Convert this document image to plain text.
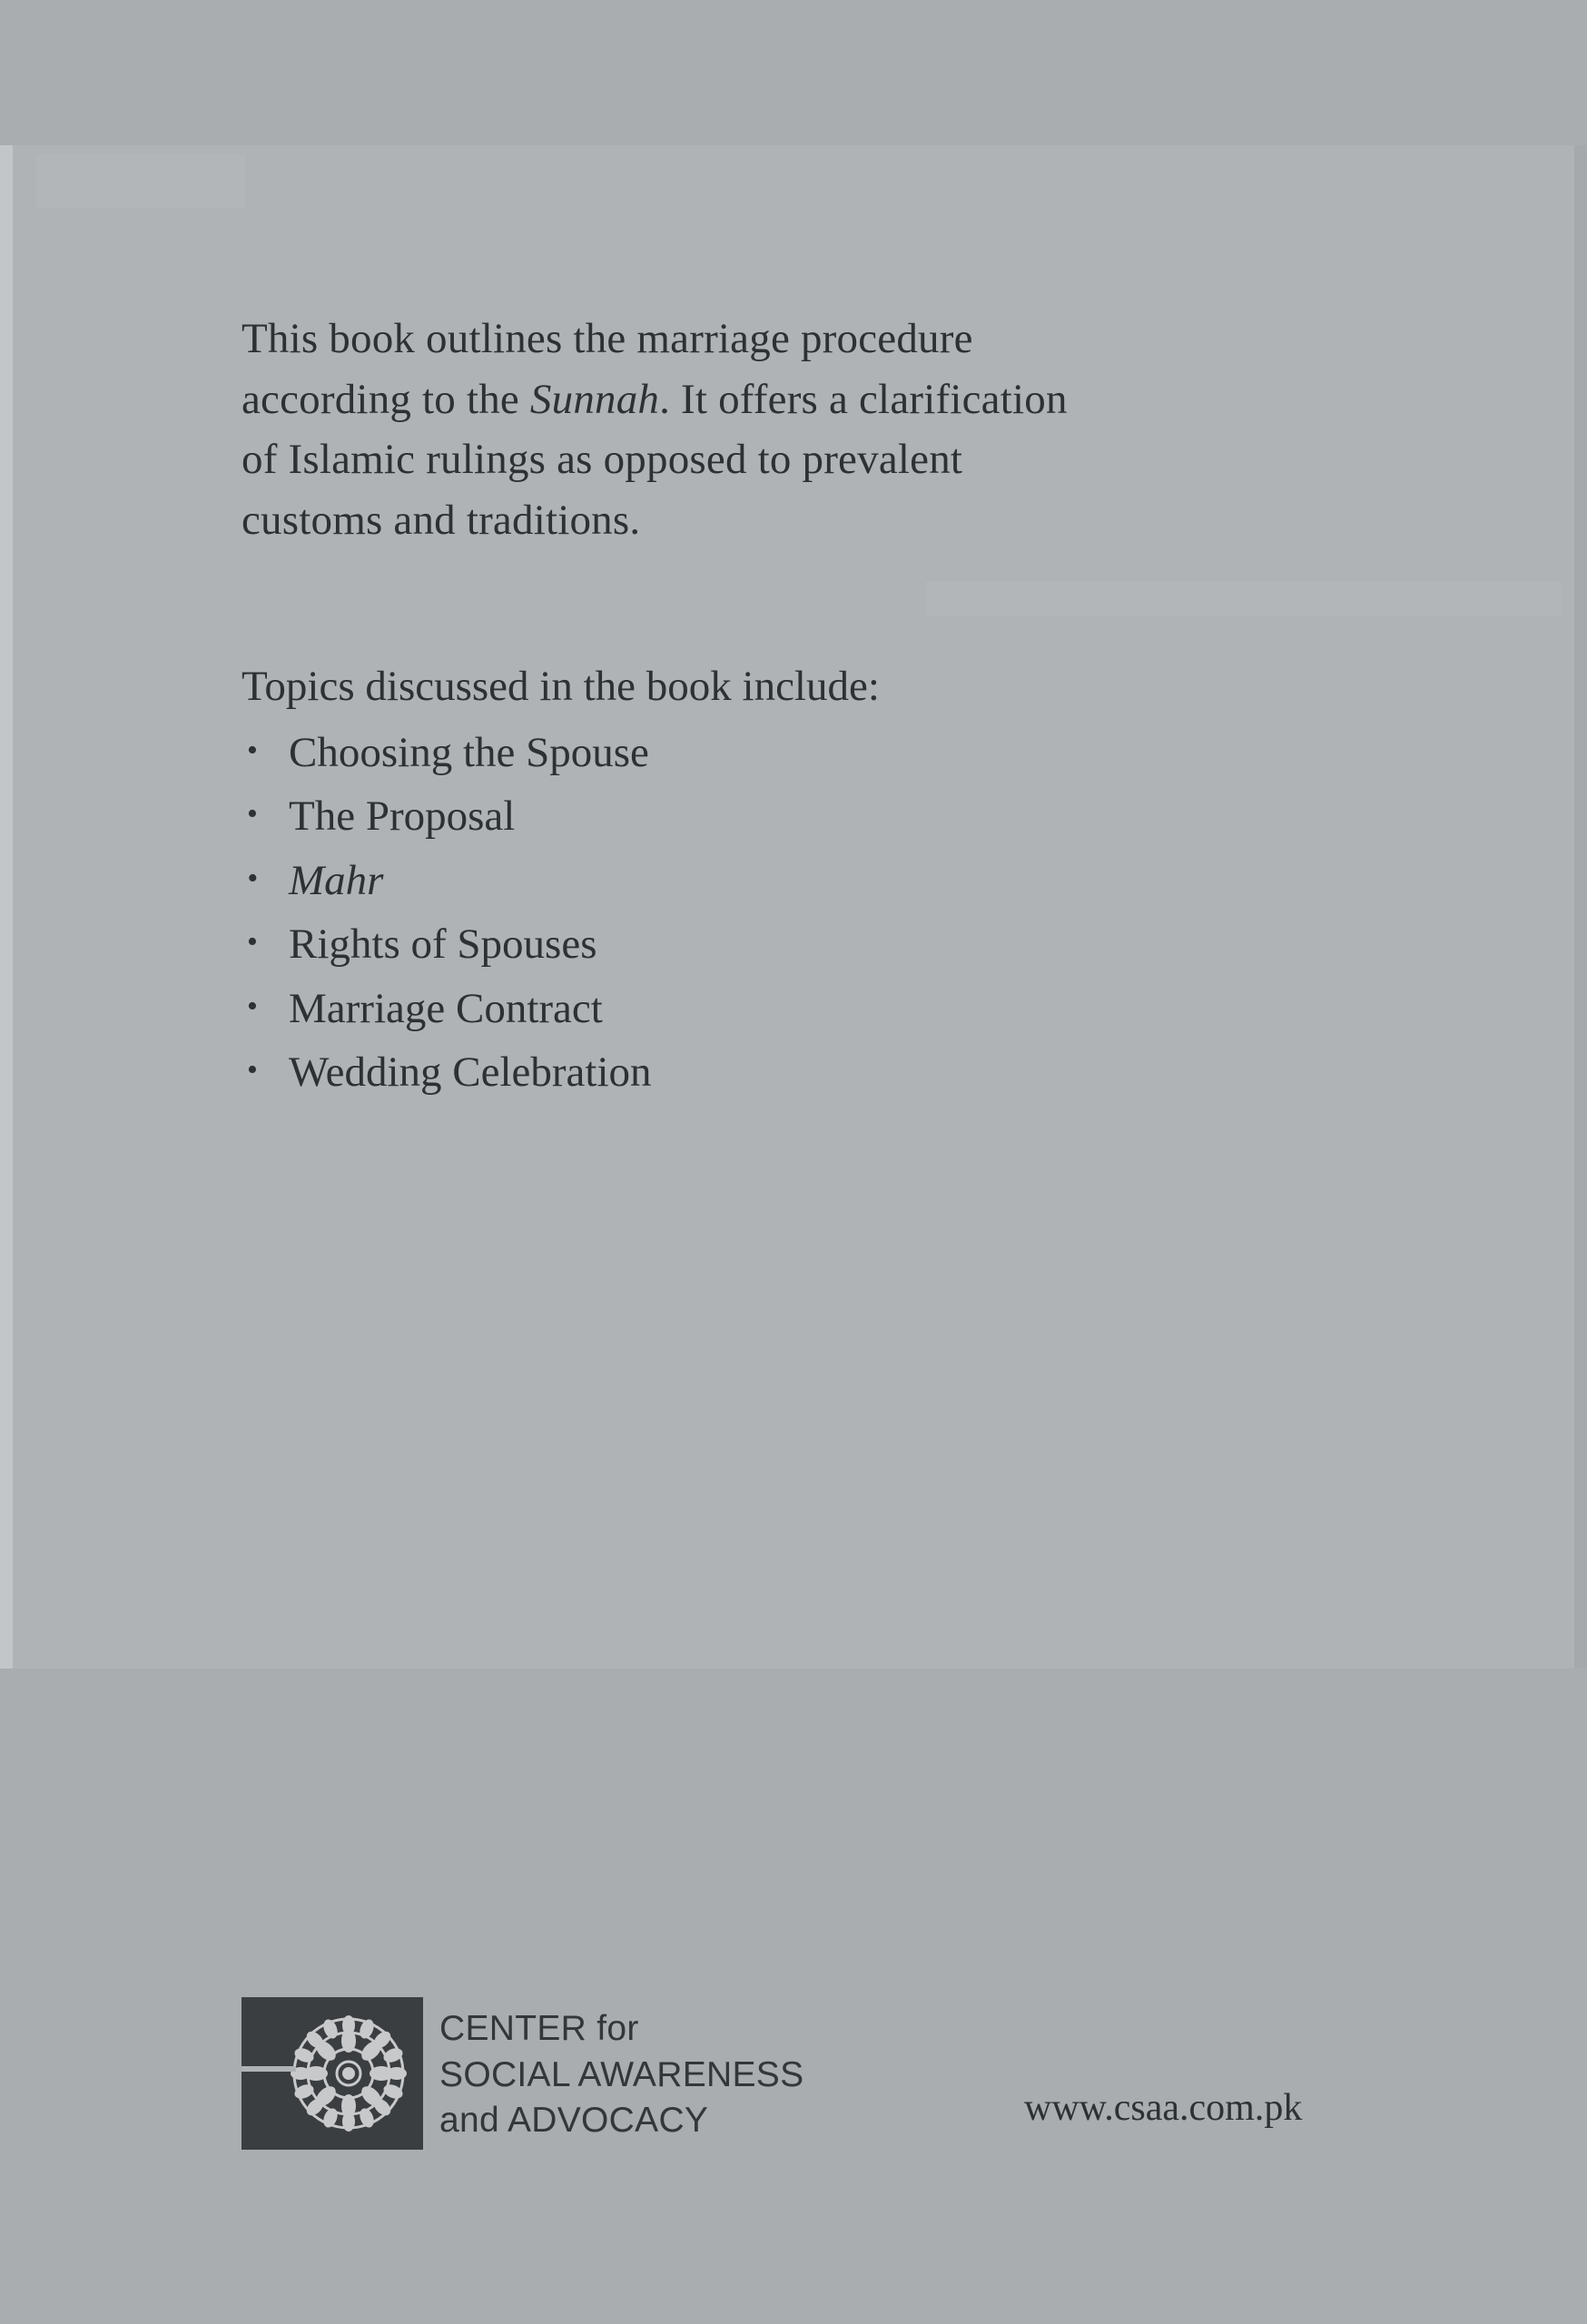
This book outlines the marriage procedure
according to the Sunnah. It offers a clarification
of Islamic rulings as opposed to prevalent
customs and traditions.

Topics discussed in the book include:
• Choosing the Spouse
• The Proposal
• Mahr
• Rights of Spouses
• Marriage Contract
• Wedding Celebration
CENTER for
SOCIAL AWARENESS
and ADVOCACY	www.csaa.com.pk
